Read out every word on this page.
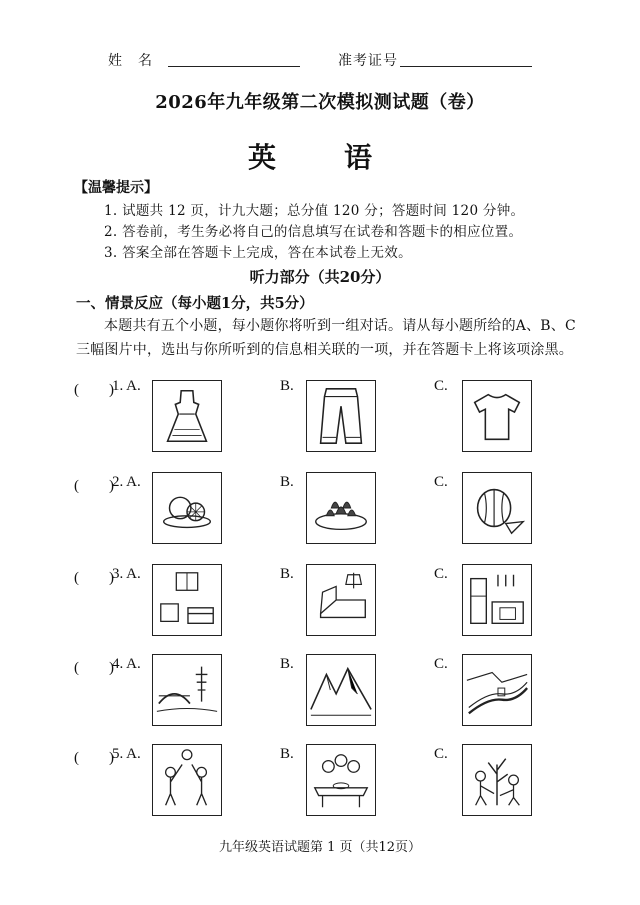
姓　名	准考证号
2026年九年级第二次模拟测试题（卷）
英　语
【温馨提示】
1. 试题共 12 页，计九大题；总分值 120 分；答题时间 120 分钟。
2. 答卷前，考生务必将自己的信息填写在试卷和答题卡的相应位置。
3. 答案全部在答题卡上完成，答在本试卷上无效。
听力部分（共20分）
一、情景反应（每小题1分，共5分）
本题共有五个小题，每小题你将听到一组对话。请从每小题所给的A、B、C
三幅图片中，选出与你所听到的信息相关联的一项，并在答题卡上将该项涂黑。
(　　)
1. A.	B.	C.
(　　)
2. A.	B.	C.
(　　)
3. A.	B.	C.
(　　)
4. A.	B.	C.
(　　)
5. A.	B.	C.
九年级英语试题第 1 页（共12页）
